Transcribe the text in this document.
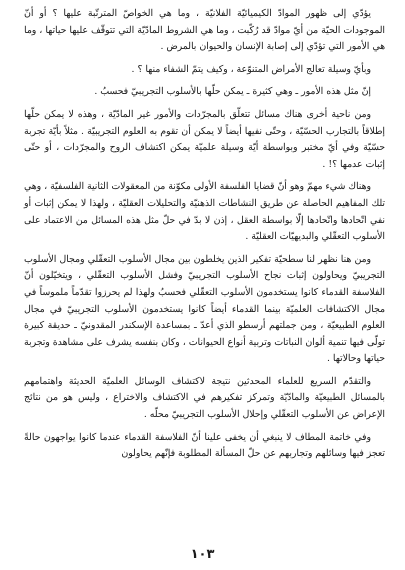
يؤدّي إلى ظهور الموادّ الكيميائيّة الفلانيّة ، وما هي الخواصّ المترتّبة عليها ؟ أو أنّ الموجودات الحيّة من أيّ موادّ قد رُكّبت ، وما هي الشروط المادّيّة التي تتوقّف عليها حياتها ، وما هي الأمور التي تؤدّي إلى إصابة الإنسان والحيوان بالمرض .

وبأيّ وسيلة تعالج الأمراض المتنوّعة ، وكيف يتمّ الشفاء منها ؟ .

إنّ مثل هذه الأمور ـ وهي كثيرة ـ يمكن حلّها بالأسلوب التجريبيّ فحسبُ .

ومن ناحية أخرى هناك مسائل تتعلّق بالمجرّدات والأمور غير المادّيّة ، وهذه لا يمكن حلّها إطلاقاً بالتجارب الحسّيّة ، وحتّى نفيها أيضاً لا يمكن أن تقوم به العلوم التجريبيّة . مثلاً بأيّة تجربة حسّيّة وفي أيّ مختبر وبواسطة أيّة وسيلة علميّة يمكن اكتشاف الروح والمجرّدات ، أو حتّى إثبات عدمها ؟! .

وهناك شيء مهمّ وهو أنّ قضايا الفلسفة الأولى مكوّنة من المعقولات الثانية الفلسفيّة ، وهي تلك المفاهيم الحاصلة عن طريق النشاطات الذهنيّة والتحليلات العقليّة ، ولهذا لا يمكن إثبات أو نفي اتّحادها واتّحادها إلّا بواسطة العقل ، إذن لا بدّ في حلّ مثل هذه المسائل من الاعتماد على الأسلوب التعقّلي والبديهيّات العقليّة .

ومن هنا نظهر لنا سطحيّة تفكير الذين يخلطون بين مجال الأسلوب التعقّلي ومجال الأسلوب التجريبيّ ويحاولون إثبات نجاح الأسلوب التجريبيّ وفشل الأسلوب التعقّلي ، ويتخيّلون أنّ الفلاسفة القدماء كانوا يستخدمون الأسلوب التعقّلي فحسبُ ولهذا لم يحرزوا تقدّماً ملموساً في مجال الاكتشافات العلميّة بينما القدماء أيضاً كانوا يستخدمون الأسلوب التجريبيّ في مجال العلوم الطبيعيّة ، ومن جملتهم أرسطو الذي أعدّ ـ بمساعدة الإسكندر المقدونيّ ـ حديقة كبيرة تولّى فيها تنمية ألوان النباتات وتربية أنواع الحيوانات ، وكان بنفسه يشرف على مشاهدة وتجربة حياتها وحالاتها .

والتقدّم السريع للعلماء المحدثين نتيجة لاكتشاف الوسائل العلميّة الحديثة واهتمامهم بالمسائل الطبيعيّة والمادّيّة وتمركز تفكيرهم في الاكتشاف والاختراع ، وليس هو من نتائج الإعراض عن الأسلوب التعقّلي وإحلال الأسلوب التجريبيّ محلّه .

وفي خاتمة المطاف لا ينبغي أن يخفى علينا أنّ الفلاسفة القدماء عندما كانوا يواجهون حالةً تعجز فيها وسائلهم وتجاربهم عن حلّ المسألة المطلوبة فإنّهم يحاولون

١٠٣
